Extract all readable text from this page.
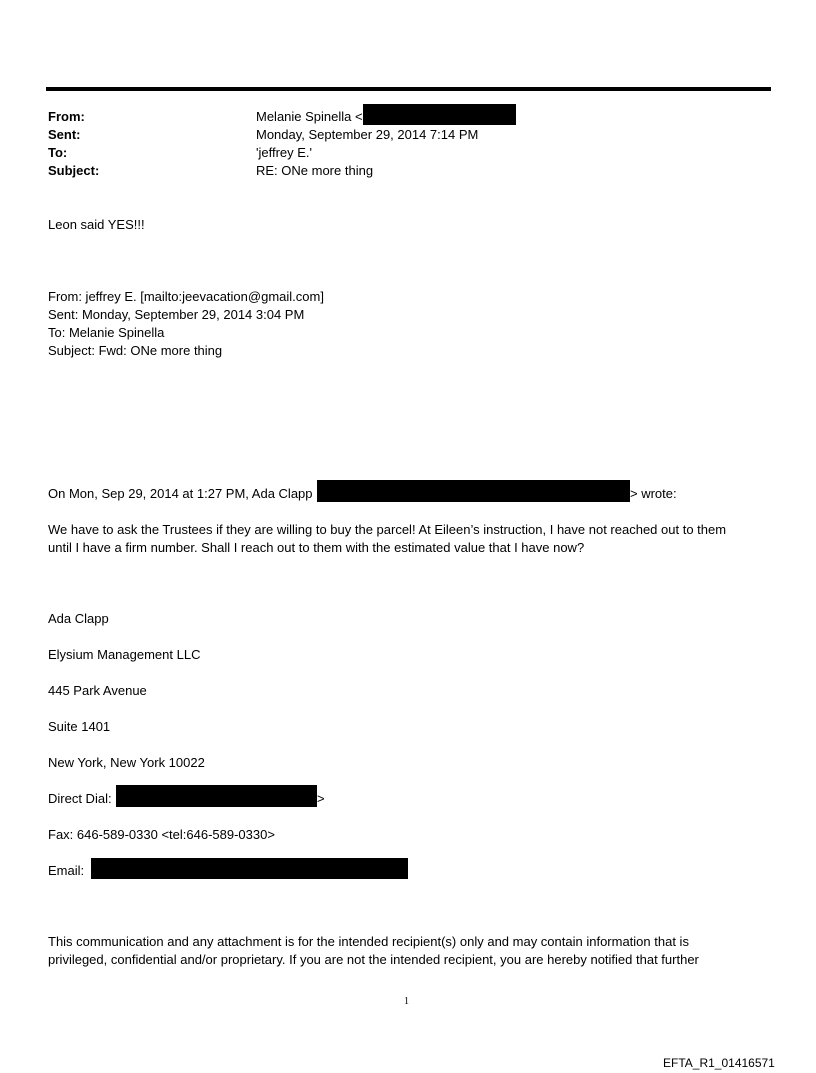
From:	Melanie Spinella <
Sent:	Monday, September 29, 2014 7:14 PM
To:	'jeffrey E.'
Subject:	RE: ONe more thing
Leon said YES!!!
From: jeffrey E. [mailto:jeevacation@gmail.com]
Sent: Monday, September 29, 2014 3:04 PM
To: Melanie Spinella
Subject: Fwd: ONe more thing
On Mon, Sep 29, 2014 at 1:27 PM, Ada Clapp	> wrote:
We have to ask the Trustees if they are willing to buy the parcel! At Eileen’s instruction, I have not reached out to them
until I have a firm number. Shall I reach out to them with the estimated value that I have now?
Ada Clapp
Elysium Management LLC
445 Park Avenue
Suite 1401
New York, New York 10022
Direct Dial:	>
Fax: 646-589-0330 <tel:646-589-0330>
Email:
This communication and any attachment is for the intended recipient(s) only and may contain information that is
privileged, confidential and/or proprietary. If you are not the intended recipient, you are hereby notified that further
1
EFTA_R1_01416571
